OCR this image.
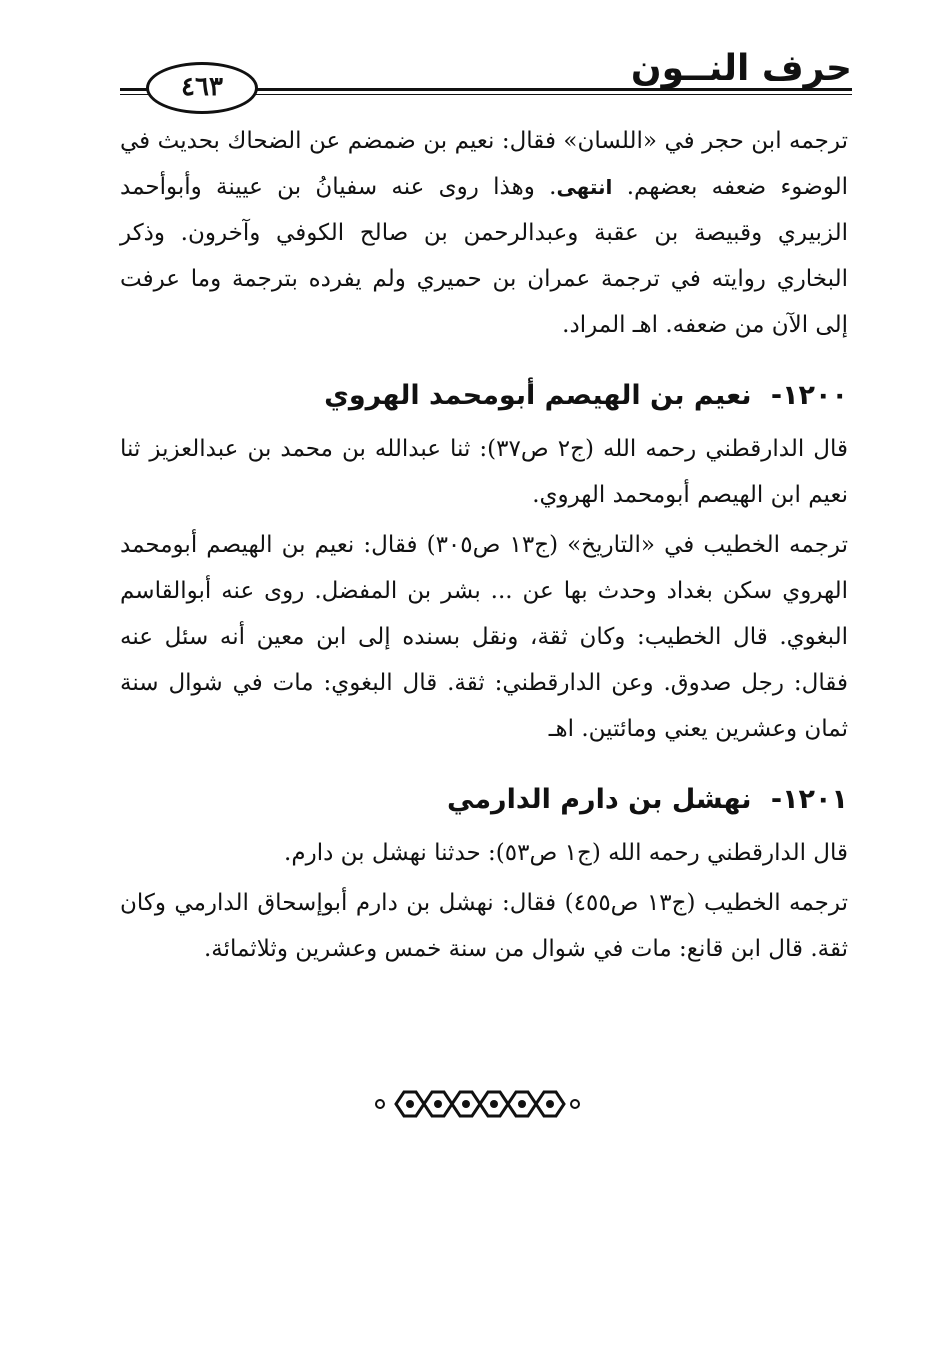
حرف النــون
٤٦٣
ترجمه ابن حجر في «اللسان» فقال: نعيم بن ضمضم عن الضحاك بحديث في الوضوء ضعفه بعضهم. انتهى. وهذا روى عنه سفيانُ بن عيينة وأبوأحمد الزبيري وقبيصة بن عقبة وعبدالرحمن بن صالح الكوفي وآخرون. وذكر البخاري روايته في ترجمة عمران بن حميري ولم يفرده بترجمة وما عرفت إلى الآن من ضعفه. اهـ المراد.
١٢٠٠- نعيم بن الهيصم أبومحمد الهروي

قال الدارقطني رحمه الله (ج٢ ص٣٧): ثنا عبدالله بن محمد بن عبدالعزيز ثنا نعيم ابن الهيصم أبومحمد الهروي.

ترجمه الخطيب في «التاريخ» (ج١٣ ص٣٠٥) فقال: نعيم بن الهيصم أبومحمد الهروي سكن بغداد وحدث بها عن ... بشر بن المفضل. روى عنه أبوالقاسم البغوي. قال الخطيب: وكان ثقة، ونقل بسنده إلى ابن معين أنه سئل عنه فقال: رجل صدوق. وعن الدارقطني: ثقة. قال البغوي: مات في شوال سنة ثمان وعشرين يعني ومائتين. اهـ

١٢٠١- نهشل بن دارم الدارمي

قال الدارقطني رحمه الله (ج١ ص٥٣): حدثنا نهشل بن دارم.

ترجمه الخطيب (ج١٣ ص٤٥٥) فقال: نهشل بن دارم أبوإسحاق الدارمي وكان ثقة. قال ابن قانع: مات في شوال من سنة خمس وعشرين وثلاثمائة.
